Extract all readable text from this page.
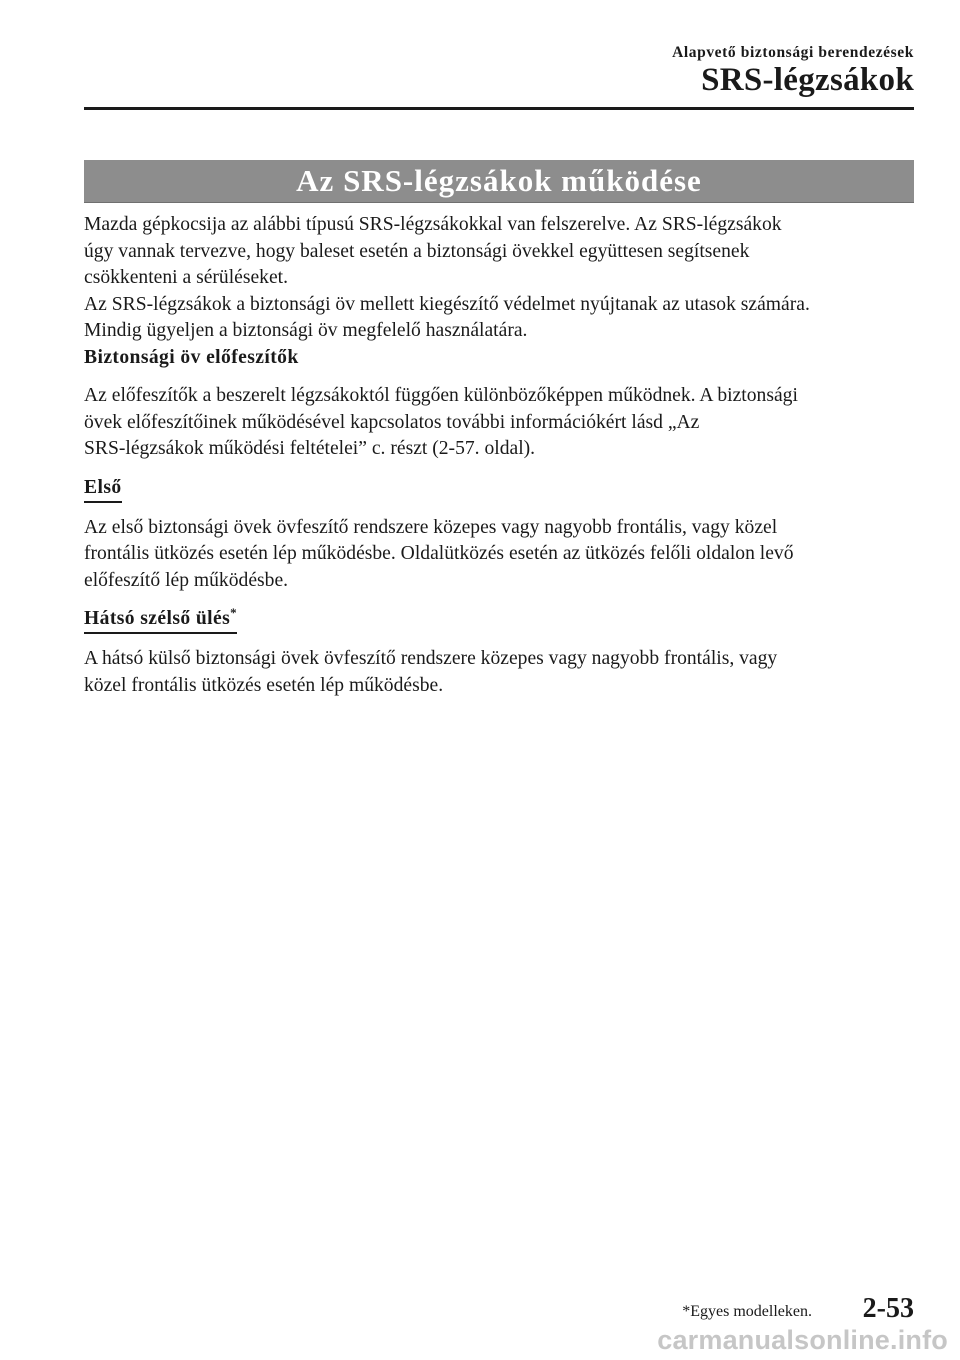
Alapvető biztonsági berendezések
SRS-légzsákok
Az SRS-légzsákok működése

Mazda gépkocsija az alábbi típusú SRS-légzsákokkal van felszerelve. Az SRS-légzsákok
úgy vannak tervezve, hogy baleset esetén a biztonsági övekkel együttesen segítsenek
csökkenteni a sérüléseket.

Az SRS-légzsákok a biztonsági öv mellett kiegészítő védelmet nyújtanak az utasok számára.
Mindig ügyeljen a biztonsági öv megfelelő használatára.

Biztonsági öv előfeszítők

Az előfeszítők a beszerelt légzsákoktól függően különbözőképpen működnek. A biztonsági
övek előfeszítőinek működésével kapcsolatos további információkért lásd „Az
SRS-légzsákok működési feltételei” c. részt (2-57. oldal).

Első

Az első biztonsági övek övfeszítő rendszere közepes vagy nagyobb frontális, vagy közel
frontális ütközés esetén lép működésbe. Oldalütközés esetén az ütközés felőli oldalon levő
előfeszítő lép működésbe.

Hátsó szélső ülés*

A hátsó külső biztonsági övek övfeszítő rendszere közepes vagy nagyobb frontális, vagy
közel frontális ütközés esetén lép működésbe.

*Egyes modelleken. 2-53
carmanualsonline.info
